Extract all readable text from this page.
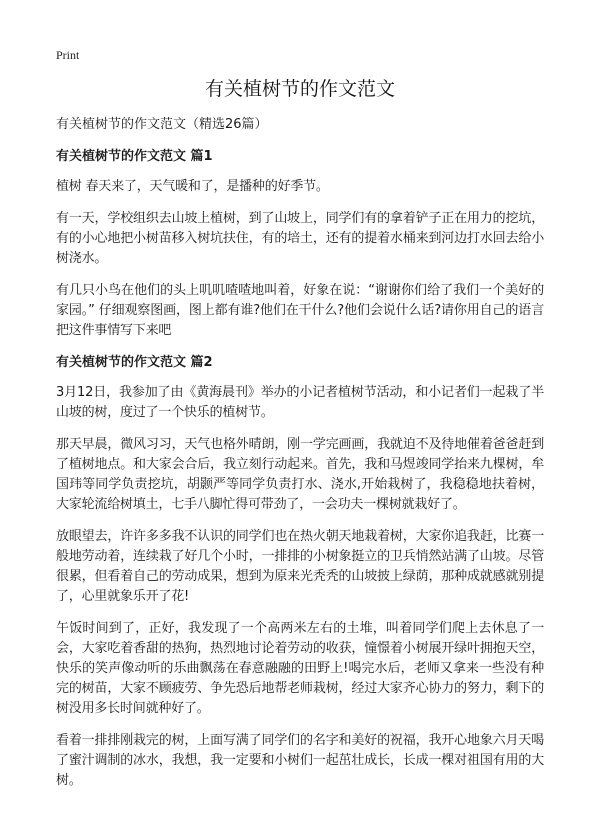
Print
有关植树节的作文范文

有关植树节的作文范文（精选26篇）

有关植树节的作文范文 篇1

植树 春天来了，天气暖和了，是播种的好季节。

有一天，学校组织去山坡上植树，到了山坡上，同学们有的拿着铲子正在用力的挖坑，有的小心地把小树苗移入树坑扶住，有的培土，还有的提着水桶来到河边打水回去给小树浇水。

有几只小鸟在他们的头上叽叽喳喳地叫着，好象在说：“谢谢你们给了我们一个美好的家园。” 仔细观察图画，图上都有谁?他们在干什么?他们会说什么话?请你用自己的语言把这件事情写下来吧

有关植树节的作文范文 篇2

3月12日，我参加了由《黄海晨刊》举办的小记者植树节活动，和小记者们一起栽了半山坡的树，度过了一个快乐的植树节。

那天早晨，微风习习，天气也格外晴朗，刚一学完画画，我就迫不及待地催着爸爸赶到了植树地点。和大家会合后，我立刻行动起来。首先，我和马煜竣同学抬来九棵树，牟国玮等同学负责挖坑，胡颢严等同学负责打水、浇水,开始栽树了，我稳稳地扶着树，大家轮流给树填土，七手八脚忙得可带劲了，一会功夫一棵树就栽好了。

放眼望去，许许多多我不认识的同学们也在热火朝天地栽着树，大家你追我赶，比赛一般地劳动着，连续栽了好几个小时，一排排的小树象挺立的卫兵悄然站满了山坡。尽管很累，但看着自己的劳动成果，想到为原来光秃秃的山坡披上绿荫，那种成就感就别提了，心里就象乐开了花!

午饭时间到了，正好，我发现了一个高两米左右的土堆，叫着同学们爬上去休息了一会，大家吃着香甜的热狗，热烈地讨论着劳动的收获，憧憬着小树展开绿叶拥抱天空，快乐的笑声像动听的乐曲飘荡在春意融融的田野上!喝完水后，老师又拿来一些没有种完的树苗，大家不顾疲劳、争先恐后地帮老师栽树，经过大家齐心协力的努力，剩下的树没用多长时间就种好了。

看着一排排刚栽完的树，上面写满了同学们的名字和美好的祝福，我开心地象六月天喝了蜜汁调制的冰水，我想，我一定要和小树们一起茁壮成长，长成一棵对祖国有用的大树。
